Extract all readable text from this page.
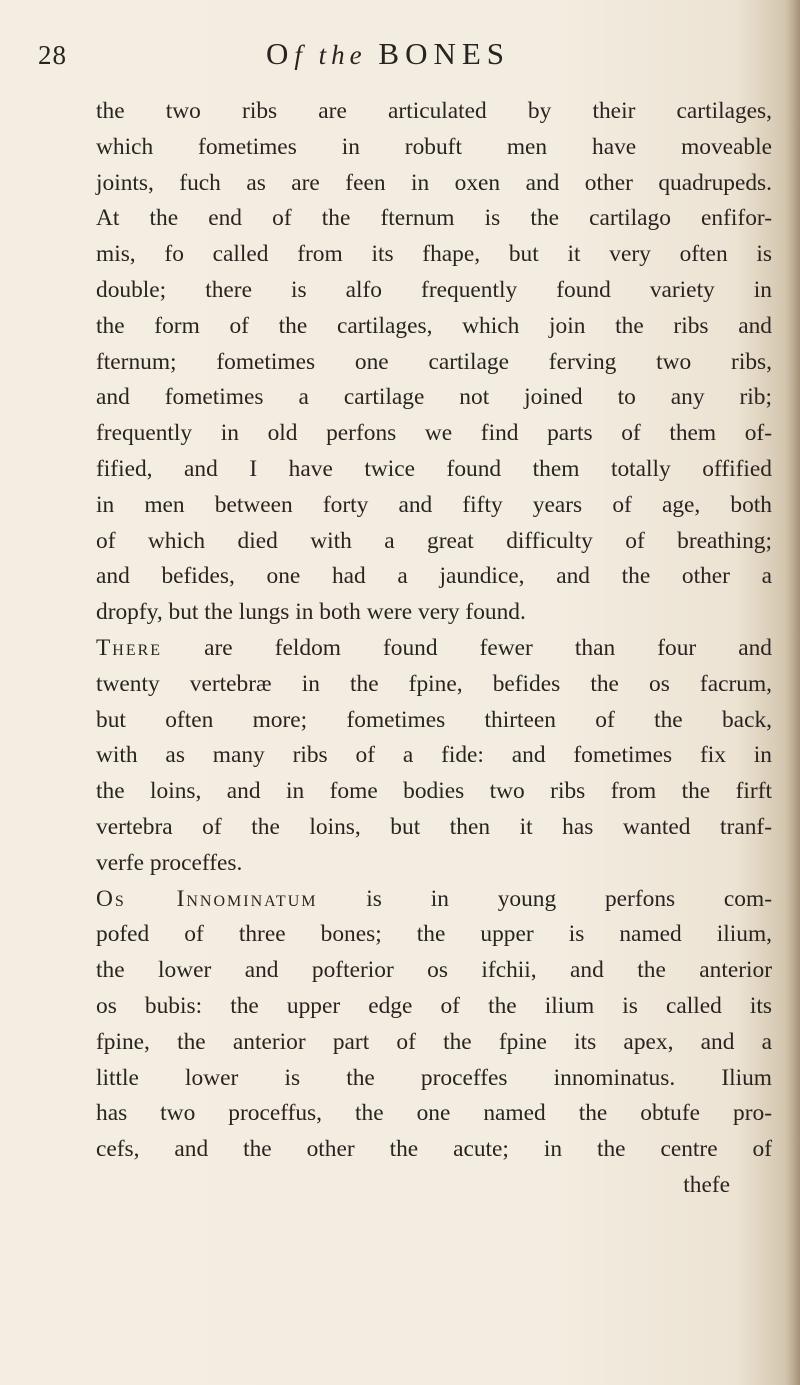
28	Of the BONES
the two ribs are articulated by their cartilages,
which fometimes in robuft men have moveable
joints, fuch as are feen in oxen and other quadrupeds.
At the end of the fternum is the cartilago enfifor-
mis, fo called from its fhape, but it very often is
double; there is alfo frequently found variety in
the form of the cartilages, which join the ribs and
fternum; fometimes one cartilage ferving two ribs,
and fometimes a cartilage not joined to any rib;
frequently in old perfons we find parts of them of-
fified, and I have twice found them totally offified
in men between forty and fifty years of age, both
of which died with a great difficulty of breathing;
and befides, one had a jaundice, and the other a
dropfy, but the lungs in both were very found.
There are feldom found fewer than four and
twenty vertebræ in the fpine, befides the os facrum,
but often more; fometimes thirteen of the back,
with as many ribs of a fide: and fometimes fix in
the loins, and in fome bodies two ribs from the firft
vertebra of the loins, but then it has wanted tranf-
verfe proceffes.
Os Innominatum is in young perfons com-
pofed of three bones; the upper is named ilium,
the lower and pofterior os ifchii, and the anterior
os bubis: the upper edge of the ilium is called its
fpine, the anterior part of the fpine its apex, and a
little lower is the proceffes innominatus. Ilium
has two proceffus, the one named the obtufe pro-
cefs, and the other the acute; in the centre of
thefe
